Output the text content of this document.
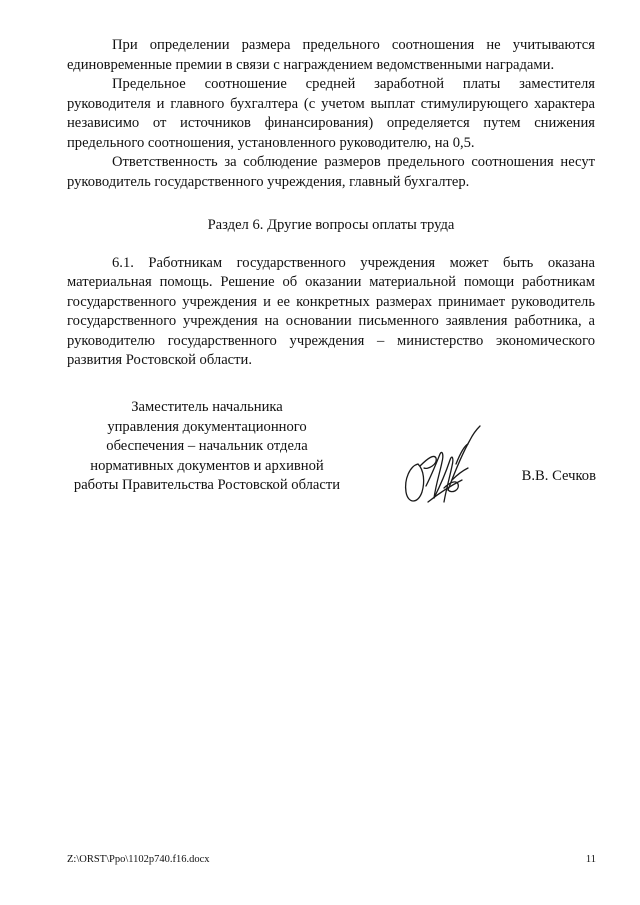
При определении размера предельного соотношения не учитываются единовременные премии в связи с награждением ведомственными наградами.

Предельное соотношение средней заработной платы заместителя руководителя и главного бухгалтера (с учетом выплат стимулирующего характера независимо от источников финансирования) определяется путем снижения предельного соотношения, установленного руководителю, на 0,5.

Ответственность за соблюдение размеров предельного соотношения несут руководитель государственного учреждения, главный бухгалтер.

Раздел 6. Другие вопросы оплаты труда

6.1. Работникам государственного учреждения может быть оказана материальная помощь. Решение об оказании материальной помощи работникам государственного учреждения и ее конкретных размерах принимает руководитель государственного учреждения на основании письменного заявления работника, а руководителю государственного учреждения – министерство экономического развития Ростовской области.

Заместитель начальника
управления документационного
обеспечения – начальник отдела
нормативных документов и архивной
работы Правительства Ростовской области
В.В. Сечков
Z:\ORST\Ppo\1102p740.f16.docx	11
